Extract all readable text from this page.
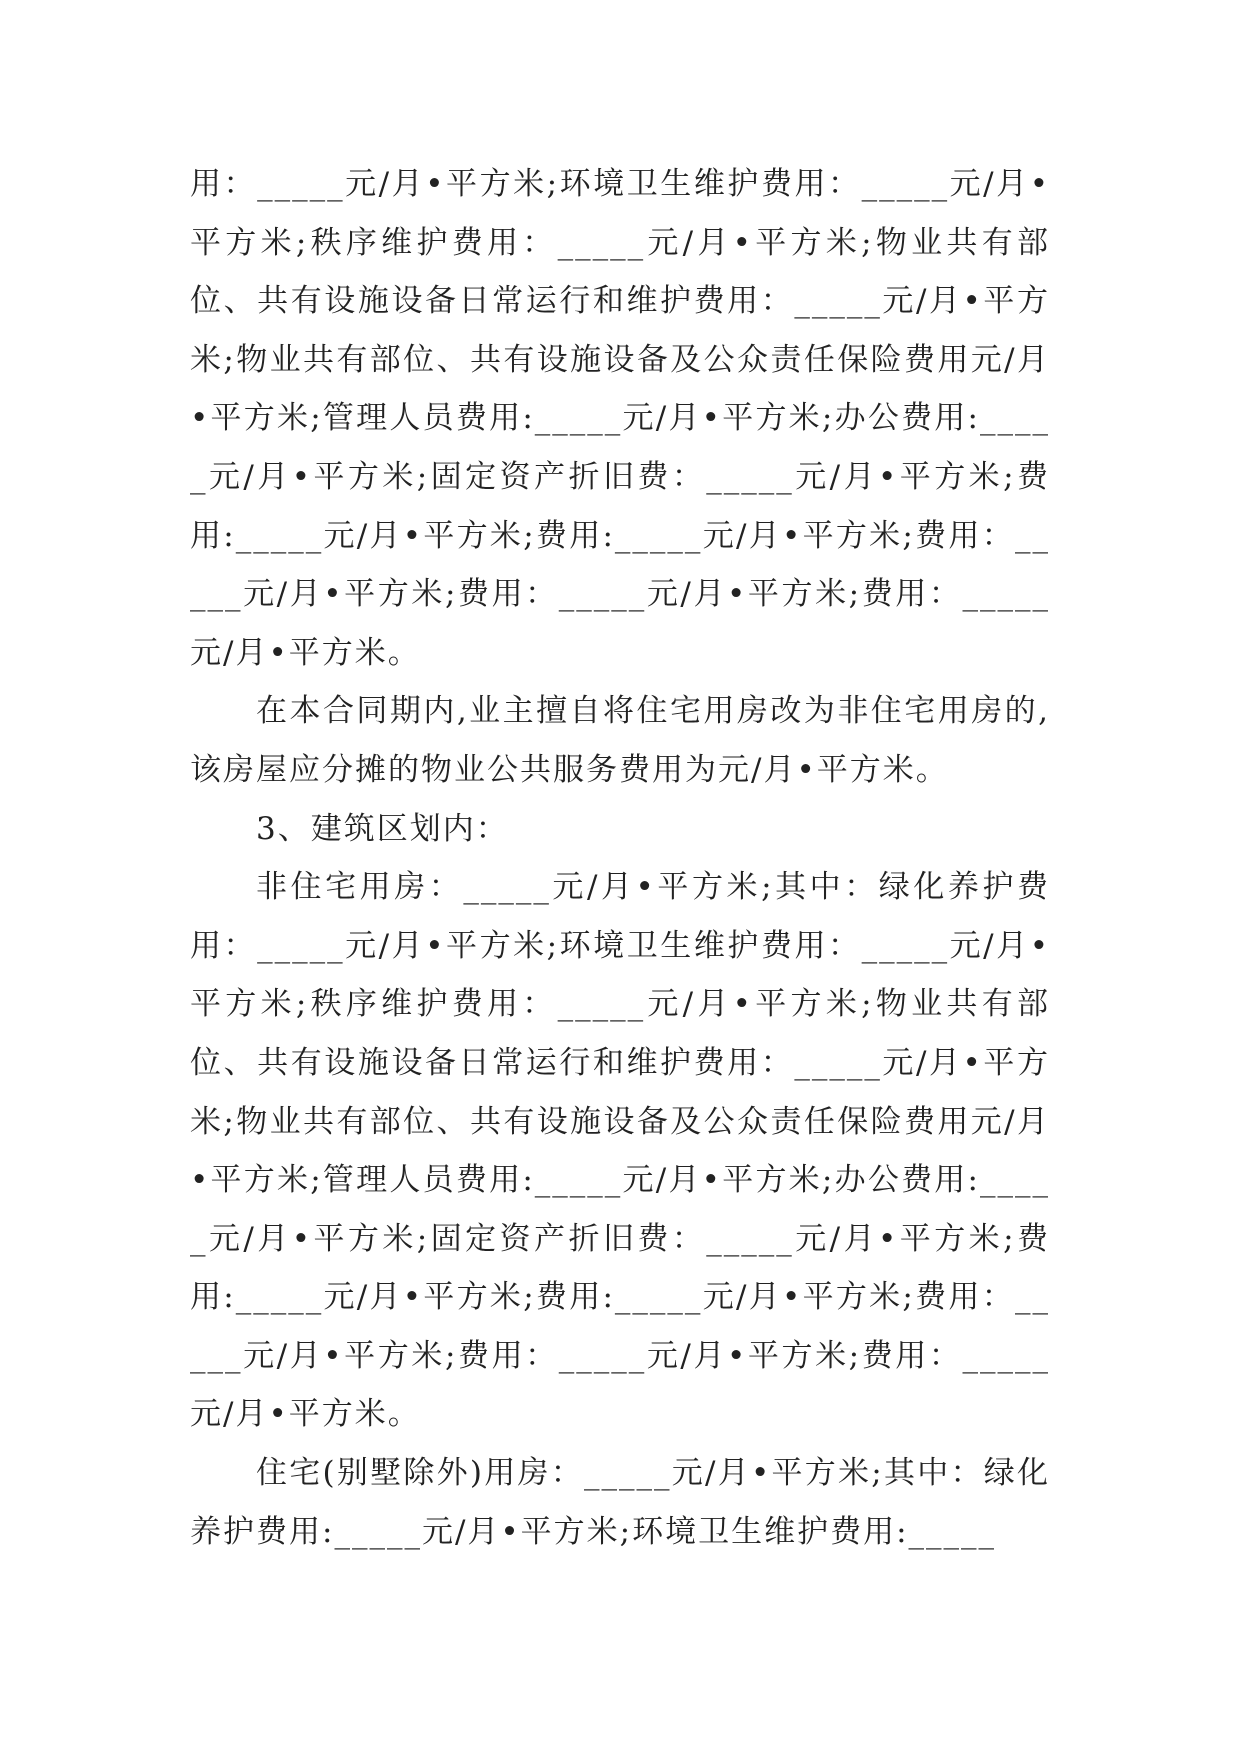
用：_____元/月•平方米;环境卫生维护费用：_____元/月•平方米;秩序维护费用：_____元/月•平方米;物业共有部位、共有设施设备日常运行和维护费用：_____元/月•平方米;物业共有部位、共有设施设备及公众责任保险费用元/月•平方米;管理人员费用:_____元/月•平方米;办公费用:_____元/月•平方米;固定资产折旧费：_____元/月•平方米;费用:_____元/月•平方米;费用:_____元/月•平方米;费用：_____元/月•平方米;费用：_____元/月•平方米;费用：_____元/月•平方米。

在本合同期内,业主擅自将住宅用房改为非住宅用房的,该房屋应分摊的物业公共服务费用为元/月•平方米。

3、建筑区划内：

非住宅用房：_____元/月•平方米;其中：绿化养护费用：_____元/月•平方米;环境卫生维护费用：_____元/月•平方米;秩序维护费用：_____元/月•平方米;物业共有部位、共有设施设备日常运行和维护费用：_____元/月•平方米;物业共有部位、共有设施设备及公众责任保险费用元/月•平方米;管理人员费用:_____元/月•平方米;办公费用:_____元/月•平方米;固定资产折旧费：_____元/月•平方米;费用:_____元/月•平方米;费用:_____元/月•平方米;费用：_____元/月•平方米;费用：_____元/月•平方米;费用：_____元/月•平方米。

住宅(别墅除外)用房：_____元/月•平方米;其中：绿化养护费用:_____元/月•平方米;环境卫生维护费用:_____
